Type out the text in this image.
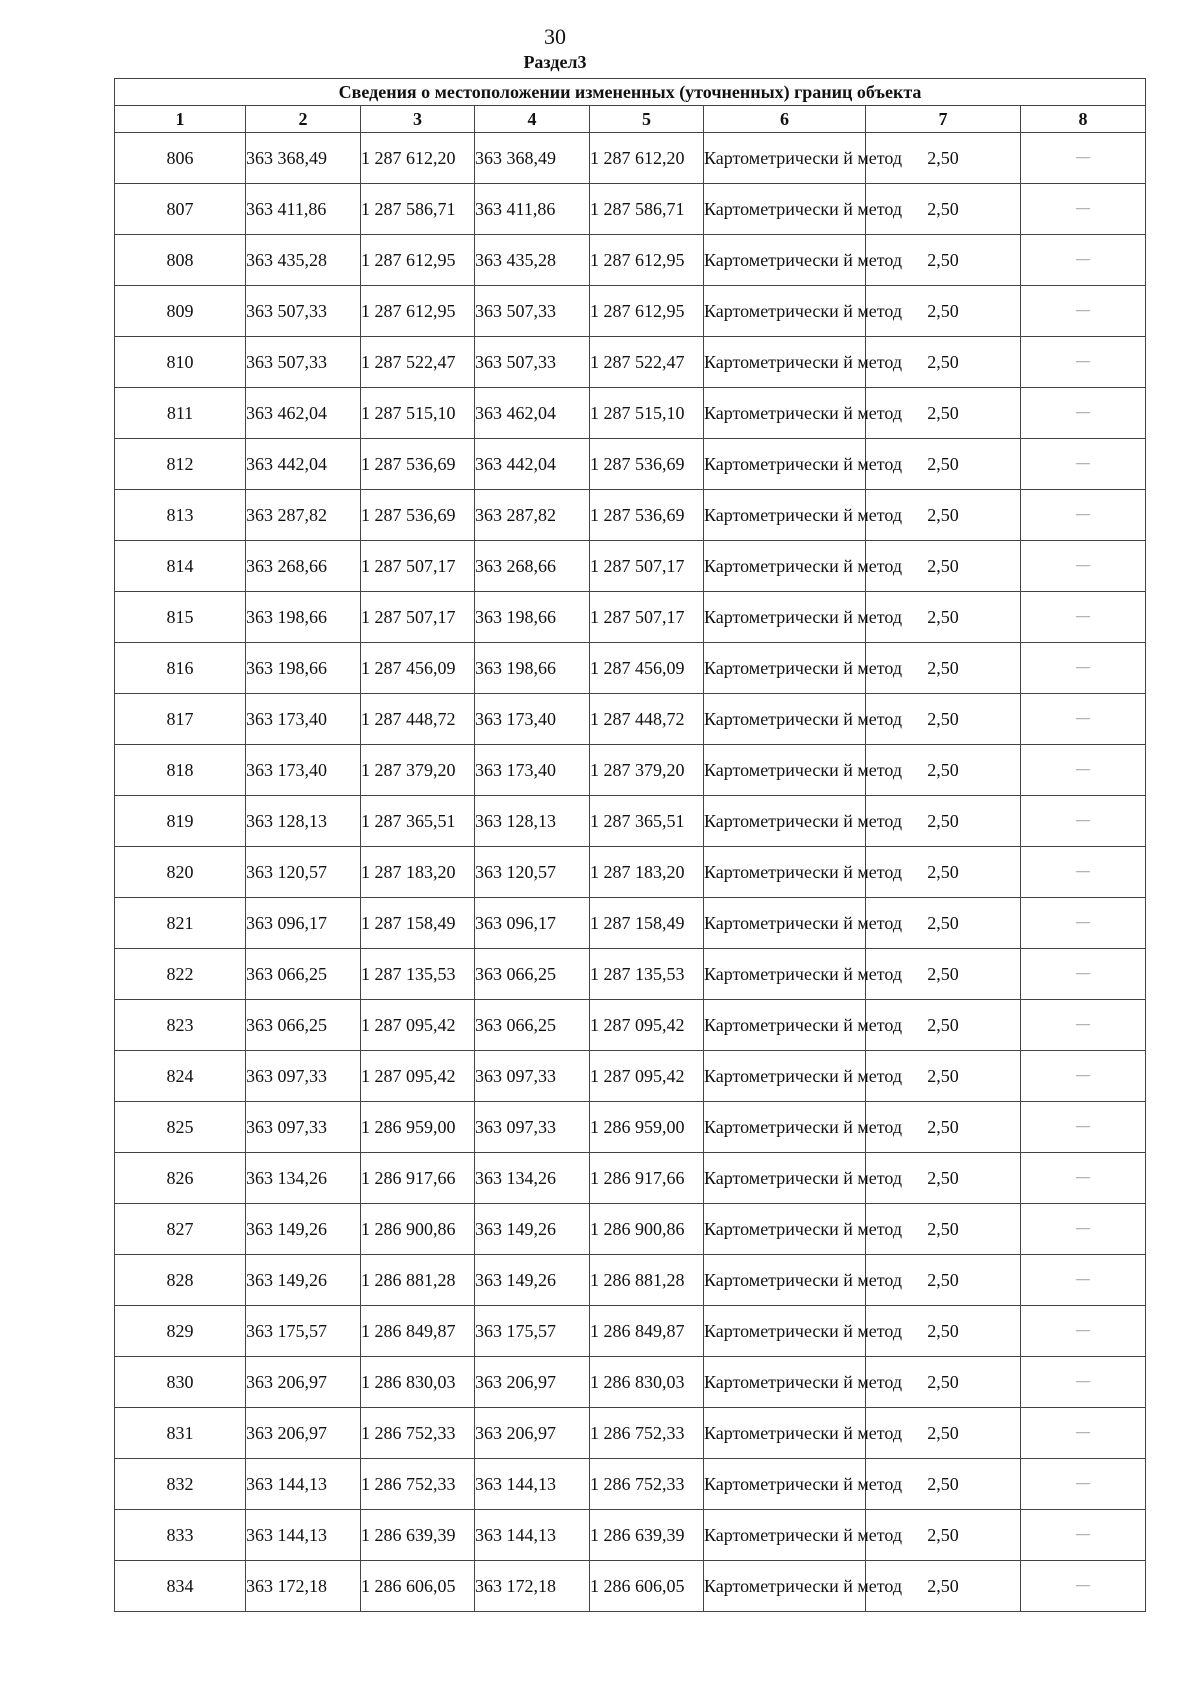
30
Раздел3
Сведения о местоположении измененных (уточненных) границ объекта							
1	2	3	4	5	6	7	8
806	363 368,49	1 287 612,20	363 368,49	1 287 612,20	Картометрически й метод	2,50	—
807	363 411,86	1 287 586,71	363 411,86	1 287 586,71	Картометрически й метод	2,50	—
808	363 435,28	1 287 612,95	363 435,28	1 287 612,95	Картометрически й метод	2,50	—
809	363 507,33	1 287 612,95	363 507,33	1 287 612,95	Картометрически й метод	2,50	—
810	363 507,33	1 287 522,47	363 507,33	1 287 522,47	Картометрически й метод	2,50	—
811	363 462,04	1 287 515,10	363 462,04	1 287 515,10	Картометрически й метод	2,50	—
812	363 442,04	1 287 536,69	363 442,04	1 287 536,69	Картометрически й метод	2,50	—
813	363 287,82	1 287 536,69	363 287,82	1 287 536,69	Картометрически й метод	2,50	—
814	363 268,66	1 287 507,17	363 268,66	1 287 507,17	Картометрически й метод	2,50	—
815	363 198,66	1 287 507,17	363 198,66	1 287 507,17	Картометрически й метод	2,50	—
816	363 198,66	1 287 456,09	363 198,66	1 287 456,09	Картометрически й метод	2,50	—
817	363 173,40	1 287 448,72	363 173,40	1 287 448,72	Картометрически й метод	2,50	—
818	363 173,40	1 287 379,20	363 173,40	1 287 379,20	Картометрически й метод	2,50	—
819	363 128,13	1 287 365,51	363 128,13	1 287 365,51	Картометрически й метод	2,50	—
820	363 120,57	1 287 183,20	363 120,57	1 287 183,20	Картометрически й метод	2,50	—
821	363 096,17	1 287 158,49	363 096,17	1 287 158,49	Картометрически й метод	2,50	—
822	363 066,25	1 287 135,53	363 066,25	1 287 135,53	Картометрически й метод	2,50	—
823	363 066,25	1 287 095,42	363 066,25	1 287 095,42	Картометрически й метод	2,50	—
824	363 097,33	1 287 095,42	363 097,33	1 287 095,42	Картометрически й метод	2,50	—
825	363 097,33	1 286 959,00	363 097,33	1 286 959,00	Картометрически й метод	2,50	—
826	363 134,26	1 286 917,66	363 134,26	1 286 917,66	Картометрически й метод	2,50	—
827	363 149,26	1 286 900,86	363 149,26	1 286 900,86	Картометрически й метод	2,50	—
828	363 149,26	1 286 881,28	363 149,26	1 286 881,28	Картометрически й метод	2,50	—
829	363 175,57	1 286 849,87	363 175,57	1 286 849,87	Картометрически й метод	2,50	—
830	363 206,97	1 286 830,03	363 206,97	1 286 830,03	Картометрически й метод	2,50	—
831	363 206,97	1 286 752,33	363 206,97	1 286 752,33	Картометрически й метод	2,50	—
832	363 144,13	1 286 752,33	363 144,13	1 286 752,33	Картометрически й метод	2,50	—
833	363 144,13	1 286 639,39	363 144,13	1 286 639,39	Картометрически й метод	2,50	—
834	363 172,18	1 286 606,05	363 172,18	1 286 606,05	Картометрически й метод	2,50	—
